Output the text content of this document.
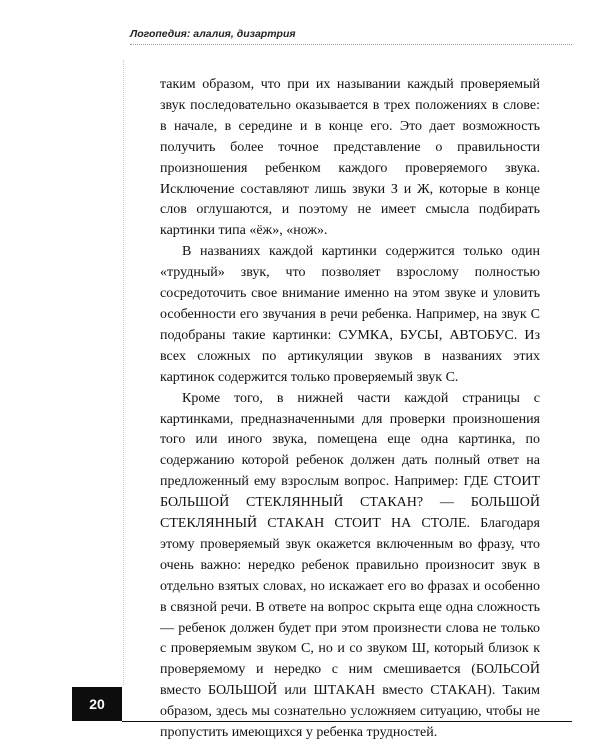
Логопедия: алалия, дизартрия

таким образом, что при их назывании каждый проверяемый звук последовательно оказывается в трех положениях в слове: в начале, в середине и в конце его. Это дает возможность получить более точное представление о правильности произношения ребенком каждого проверяемого звука. Исключение составляют лишь звуки З и Ж, которые в конце слов оглушаются, и поэтому не имеет смысла подбирать картинки типа «ёж», «нож».

В названиях каждой картинки содержится только один «трудный» звук, что позволяет взрослому полностью сосредоточить свое внимание именно на этом звуке и уловить особенности его звучания в речи ребенка. Например, на звук С подобраны такие картинки: СУМКА, БУСЫ, АВТОБУС. Из всех сложных по артикуляции звуков в названиях этих картинок содержится только проверяемый звук С.

Кроме того, в нижней части каждой страницы с картинками, предназначенными для проверки произношения того или иного звука, помещена еще одна картинка, по содержанию которой ребенок должен дать полный ответ на предложенный ему взрослым вопрос. Например: ГДЕ СТОИТ БОЛЬШОЙ СТЕКЛЯННЫЙ СТАКАН? — БОЛЬШОЙ СТЕКЛЯННЫЙ СТАКАН СТОИТ НА СТОЛЕ. Благодаря этому проверяемый звук окажется включенным во фразу, что очень важно: нередко ребенок правильно произносит звук в отдельно взятых словах, но искажает его во фразах и особенно в связной речи. В ответе на вопрос скрыта еще одна сложность — ребенок должен будет при этом произнести слова не только с проверяемым звуком С, но и со звуком Ш, который близок к проверяемому и нередко с ним смешивается (БОЛЬСОЙ вместо БОЛЬШОЙ или ШТАКАН вместо СТАКАН). Таким образом, здесь мы сознательно усложняем ситуацию, чтобы не пропустить имеющихся у ребенка трудностей.

20
